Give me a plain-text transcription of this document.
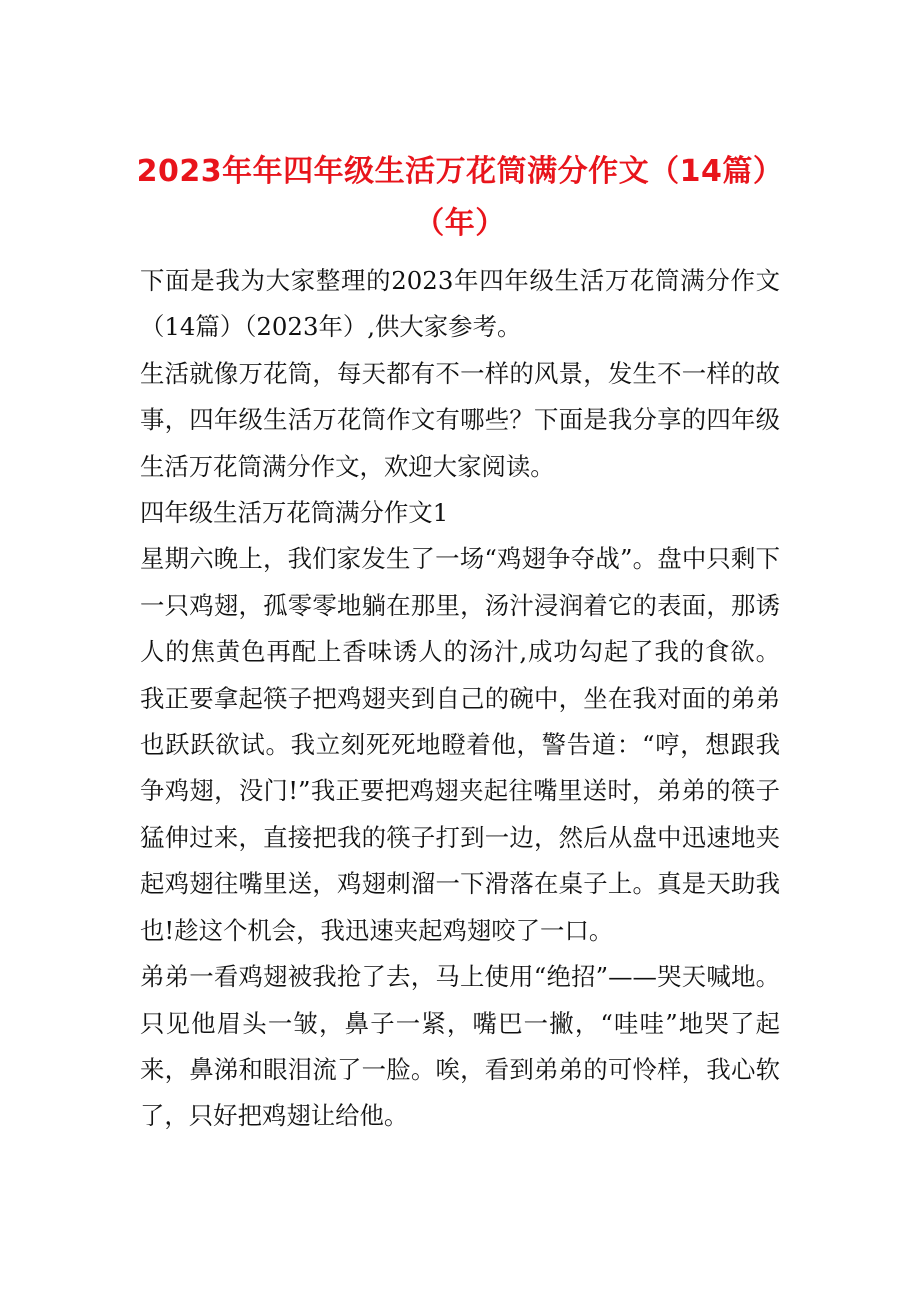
2023年年四年级生活万花筒满分作文（14篇）（年）

下面是我为大家整理的2023年四年级生活万花筒满分作文（14篇）（2023年）,供大家参考。

生活就像万花筒，每天都有不一样的风景，发生不一样的故事，四年级生活万花筒作文有哪些？下面是我分享的四年级生活万花筒满分作文，欢迎大家阅读。

四年级生活万花筒满分作文1

星期六晚上，我们家发生了一场“鸡翅争夺战”。盘中只剩下一只鸡翅，孤零零地躺在那里，汤汁浸润着它的表面，那诱人的焦黄色再配上香味诱人的汤汁,成功勾起了我的食欲。我正要拿起筷子把鸡翅夹到自己的碗中，坐在我对面的弟弟也跃跃欲试。我立刻死死地瞪着他，警告道：“哼，想跟我争鸡翅，没门!”我正要把鸡翅夹起往嘴里送时，弟弟的筷子猛伸过来，直接把我的筷子打到一边，然后从盘中迅速地夹起鸡翅往嘴里送，鸡翅刺溜一下滑落在桌子上。真是天助我也!趁这个机会，我迅速夹起鸡翅咬了一口。

弟弟一看鸡翅被我抢了去，马上使用“绝招”——哭天喊地。只见他眉头一皱，鼻子一紧，嘴巴一撇，“哇哇”地哭了起来，鼻涕和眼泪流了一脸。唉，看到弟弟的可怜样，我心软了，只好把鸡翅让给他。
